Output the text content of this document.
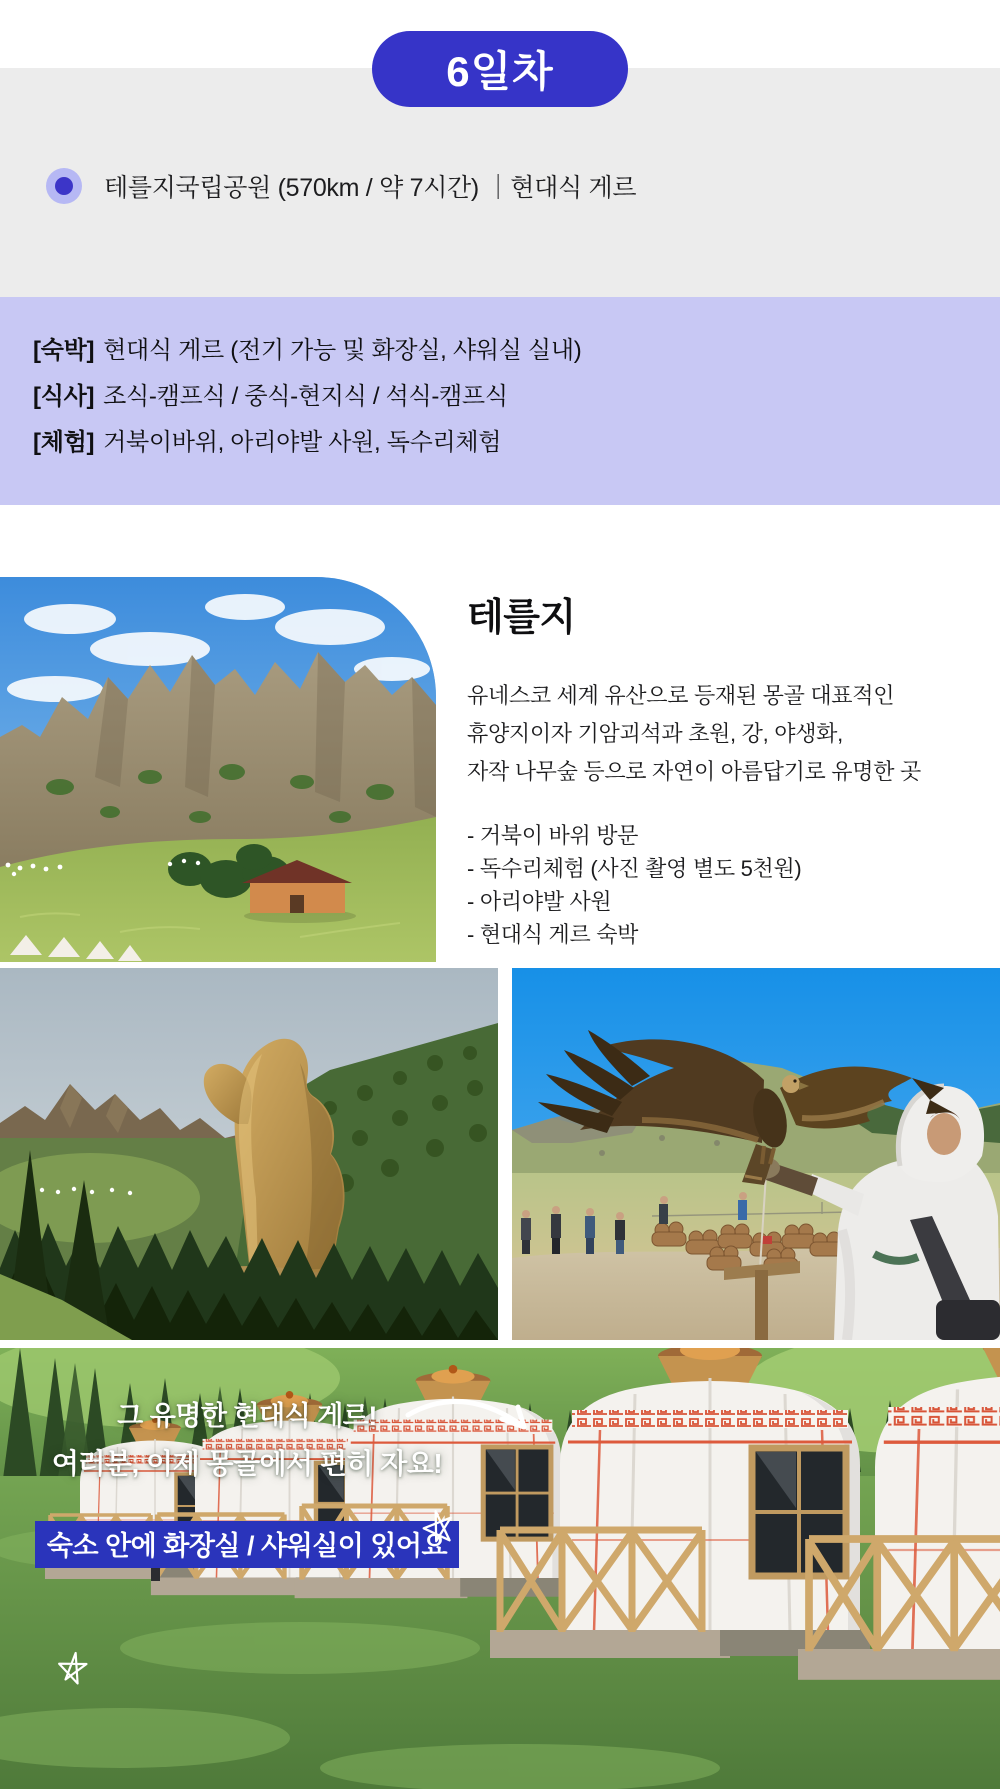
6일차
테를지국립공원 (570km / 약 7시간) ｜현대식 게르
[숙박] 현대식 게르 (전기 가능 및 화장실, 샤워실 실내)
[식사] 조식-캠프식 / 중식-현지식 / 석식-캠프식
[체험] 거북이바위, 아리야발 사원, 독수리체험
테를지
유네스코 세계 유산으로 등재된 몽골 대표적인
휴양지이자 기암괴석과 초원, 강, 야생화,
자작 나무숲 등으로 자연이 아름답기로 유명한 곳
- 거북이 바위 방문
- 독수리체험 (사진 촬영 별도 5천원)
- 아리야발 사원
- 현대식 게르 숙박
그 유명한 현대식 게르!
여러분, 이제 몽골에서 편히 자요!
숙소 안에 화장실 / 샤워실이 있어요
